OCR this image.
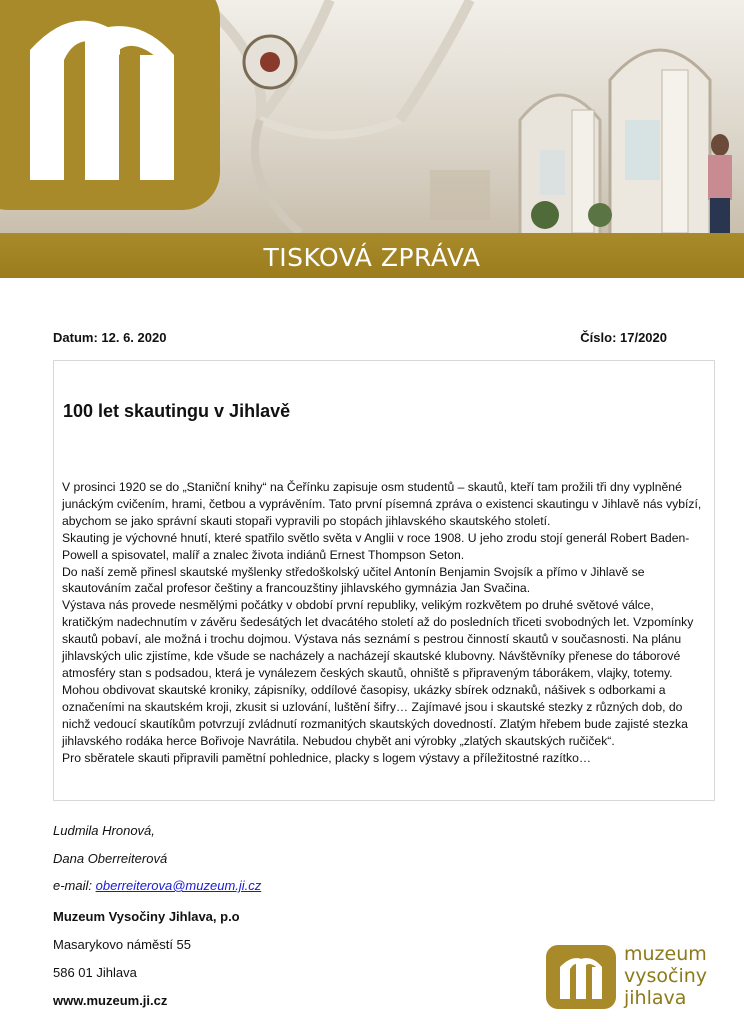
TISKOVÁ ZPRÁVA
Datum: 12. 6. 2020	Číslo: 17/2020
100 let skautingu v Jihlavě

V prosinci 1920 se do „Staniční knihy“ na Čeřínku zapisuje osm studentů – skautů, kteří tam prožili tři dny vyplněné junáckým cvičením, hrami, četbou a vyprávěním. Tato první písemná zpráva o existenci skautingu v Jihlavě nás vybízí, abychom se jako správní skauti stopaři vypravili po stopách jihlavského skautského století.

Skauting je výchovné hnutí, které spatřilo světlo světa v Anglii v roce 1908. U jeho zrodu stojí generál Robert Baden- Powell a spisovatel, malíř a znalec života indiánů Ernest Thompson Seton.

Do naší země přinesl skautské myšlenky středoškolský učitel Antonín Benjamin Svojsík a přímo v Jihlavě se skautováním začal profesor češtiny a francouzštiny jihlavského gymnázia Jan Svačina.

Výstava nás provede nesmělými počátky v období první republiky, velikým rozkvětem po druhé světové válce, kratičkým nadechnutím v závěru šedesátých let dvacátého století až do posledních třiceti svobodných let. Vzpomínky skautů pobaví, ale možná i trochu dojmou. Výstava nás seznámí s pestrou činností skautů v současnosti. Na plánu jihlavských ulic zjistíme, kde všude se nacházely a nacházejí skautské klubovny. Návštěvníky přenese do táborové atmosféry stan s podsadou, která je vynálezem českých skautů, ohniště s připraveným táborákem, vlajky, totemy. Mohou obdivovat skautské kroniky, zápisníky, oddílové časopisy, ukázky sbírek odznaků, nášivek s odborkami a označeními na skautském kroji, zkusit si uzlování, luštění šifry… Zajímavé jsou i skautské stezky z různých dob, do nichž vedoucí skautíkům potvrzují zvládnutí rozmanitých skautských dovedností. Zlatým hřebem bude zajisté stezka jihlavského rodáka herce Bořivoje Navrátila. Nebudou chybět ani výrobky „zlatých skautských ručiček“.

Pro sběratele skauti připravili pamětní pohlednice, placky s logem výstavy a příležitostné razítko…

Ludmila Hronová,
Dana Oberreiterová
e-mail: oberreiterova@muzeum.ji.cz
Muzeum Vysočiny Jihlava, p.o
Masarykovo náměstí 55
586 01 Jihlava
www.muzeum.ji.cz
muzeum
vysočiny
jihlava
